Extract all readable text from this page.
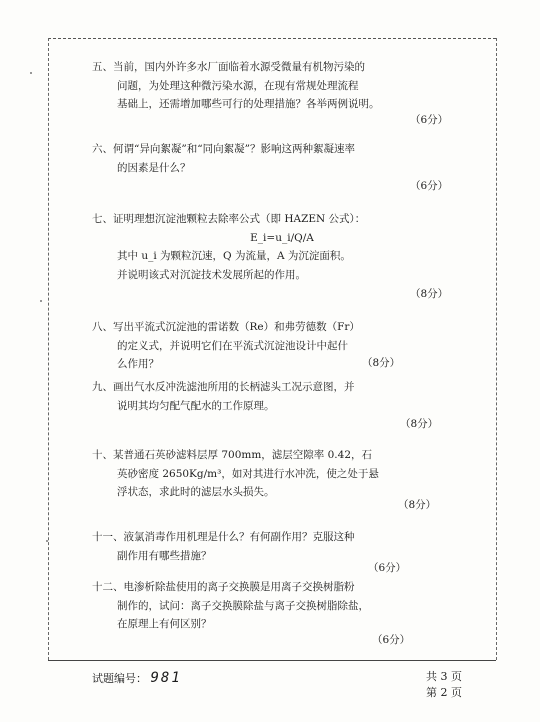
五、当前，国内外许多水厂面临着水源受微量有机物污染的
问题，为处理这种微污染水源，在现有常规处理流程
基础上，还需增加哪些可行的处理措施？各举两例说明。
（6分）
六、何谓“异向絮凝”和“同向絮凝”？影响这两种絮凝速率
的因素是什么？
（6分）
七、证明理想沉淀池颗粒去除率公式（即 HAZEN 公式）：
E_i=u_i/Q/A
其中 u_i 为颗粒沉速，Q 为流量，A 为沉淀面积。
并说明该式对沉淀技术发展所起的作用。
（8分）
八、写出平流式沉淀池的雷诺数（Re）和弗劳德数（Fr）
的定义式，并说明它们在平流式沉淀池设计中起什
么作用？	（8分）
九、画出气水反冲洗滤池所用的长柄滤头工况示意图，并
说明其均匀配气配水的工作原理。
（8分）
十、某普通石英砂滤料层厚 700mm，滤层空隙率 0.42，石
英砂密度 2650Kg/m³，如对其进行水冲洗，使之处于悬
浮状态，求此时的滤层水头损失。
（8分）
十一、液氯消毒作用机理是什么？有何副作用？克服这种
副作用有哪些措施？
（6分）
十二、电渗析除盐使用的离子交换膜是用离子交换树脂粉
制作的，试问：离子交换膜除盐与离子交换树脂除盐，
在原理上有何区别？
（6分）
试题编号： 981	共 3 页
第 2 页
